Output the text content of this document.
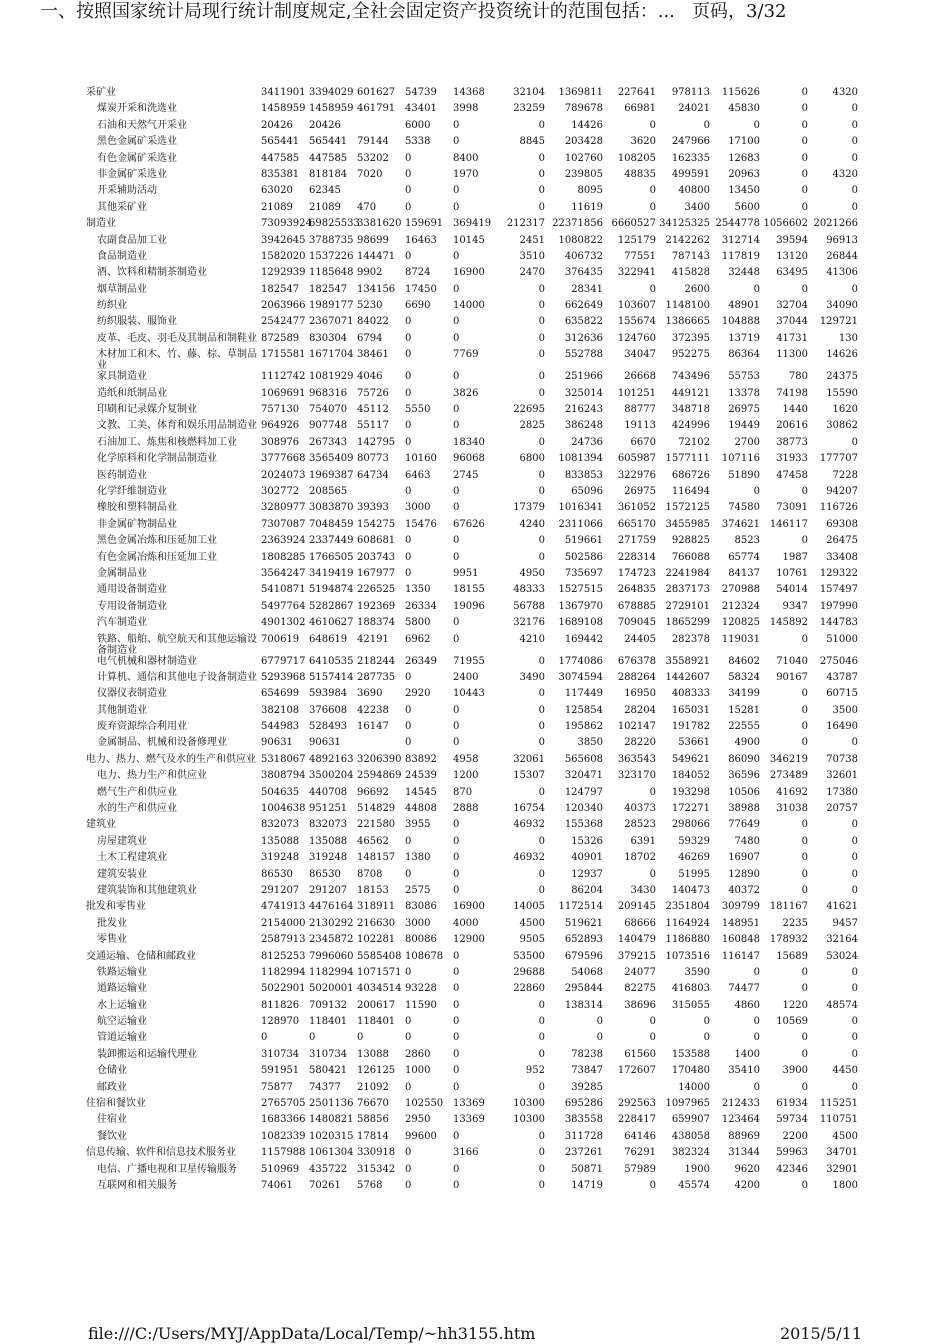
一、按照国家统计局现行统计制度规定,全社会固定资产投资统计的范围包括：... 页码，3/32
采矿业	3411901	3394029	601627	54739	14368	32104	1369811	227641	978113	115626	0	4320
煤炭开采和洗选业	1458959	1458959	461791	43401	3998	23259	789678	66981	24021	45830	0	0
石油和天然气开采业	20426	20426		6000	0	0	14426	0	0	0	0	0
黑色金属矿采选业	565441	565441	79144	5338	0	8845	203428	3620	247966	17100	0	0
有色金属矿采选业	447585	447585	53202	0	8400	0	102760	108205	162335	12683	0	0
非金属矿采选业	835381	818184	7020	0	1970	0	239805	48835	499591	20963	0	4320
开采辅助活动	63020	62345		0	0	0	8095	0	40800	13450	0	0
其他采矿业	21089	21089	470	0	0	0	11619	0	3400	5600	0	0
制造业	73093924	69825533	3381620	159691	369419	212317	22371856	6660527	34125325	2544778	1056602	2021266
农副食品加工业	3942645	3788735	98699	16463	10145	2451	1080822	125179	2142262	312714	39594	96913
食品制造业	1582020	1537226	144471	0	0	3510	406732	77551	787143	117819	13120	26844
酒、饮料和精制茶制造业	1292939	1185648	9902	8724	16900	2470	376435	322941	415828	32448	63495	41306
烟草制品业	182547	182547	134156	17450	0	0	28341	0	2600	0	0	0
纺织业	2063966	1989177	5230	6690	14000	0	662649	103607	1148100	48901	32704	34090
纺织服装、服饰业	2542477	2367071	84022	0	0	0	635822	155674	1386665	104888	37044	129721
皮革、毛皮、羽毛及其制品和制鞋业	872589	830304	6794	0	0	0	312636	124760	372395	13719	41731	130
木材加工和木、竹、藤、棕、草制品业	1715581	1671704	38461	0	7769	0	552788	34047	952275	86364	11300	14626
家具制造业	1112742	1081929	4046	0	0	0	251966	26668	743496	55753	780	24375
造纸和纸制品业	1069691	968316	75726	0	3826	0	325014	101251	449121	13378	74198	15590
印刷和记录媒介复制业	757130	754070	45112	5550	0	22695	216243	88777	348718	26975	1440	1620
文教、工美、体育和娱乐用品制造业	964926	907748	55117	0	0	2825	386248	19113	424996	19449	20616	30862
石油加工、炼焦和核燃料加工业	308976	267343	142795	0	18340	0	24736	6670	72102	2700	38773	0
化学原料和化学制品制造业	3777668	3565409	80773	10160	96068	6800	1081394	605987	1577111	107116	31933	177707
医药制造业	2024073	1969387	64734	6463	2745	0	833853	322976	686726	51890	47458	7228
化学纤维制造业	302772	208565		0	0	0	65096	26975	116494	0	0	94207
橡胶和塑料制品业	3280977	3083870	39393	3000	0	17379	1016341	361052	1572125	74580	73091	116726
非金属矿物制品业	7307087	7048459	154275	15476	67626	4240	2311066	665170	3455985	374621	146117	69308
黑色金属冶炼和压延加工业	2363924	2337449	608681	0	0	0	519661	271759	928825	8523	0	26475
有色金属冶炼和压延加工业	1808285	1766505	203743	0	0	0	502586	228314	766088	65774	1987	33408
金属制品业	3564247	3419419	167977	0	9951	4950	735697	174723	2241984	84137	10761	129322
通用设备制造业	5410871	5194874	226525	1350	18155	48333	1527515	264835	2837173	270988	54014	157497
专用设备制造业	5497764	5282867	192369	26334	19096	56788	1367970	678885	2729101	212324	9347	197990
汽车制造业	4901302	4610627	188374	5800	0	32176	1689108	709045	1865299	120825	145892	144783
铁路、船舶、航空航天和其他运输设备制造业	700619	648619	42191	6962	0	4210	169442	24405	282378	119031	0	51000
电气机械和器材制造业	6779717	6410535	218244	26349	71955	0	1774086	676378	3558921	84602	71040	275046
计算机、通信和其他电子设备制造业	5293968	5157414	287735	0	2400	3490	3074594	288264	1442607	58324	90167	43787
仪器仪表制造业	654699	593984	3690	2920	10443	0	117449	16950	408333	34199	0	60715
其他制造业	382108	376608	42238	0	0	0	125854	28204	165031	15281	0	3500
废弃资源综合利用业	544983	528493	16147	0	0	0	195862	102147	191782	22555	0	16490
金属制品、机械和设备修理业	90631	90631		0	0	0	3850	28220	53661	4900	0	0
电力、热力、燃气及水的生产和供应业	5318067	4892163	3206390	83892	4958	32061	565608	363543	549621	86090	346219	70738
电力、热力生产和供应业	3808794	3500204	2594869	24539	1200	15307	320471	323170	184052	36596	273489	32601
燃气生产和供应业	504635	440708	96692	14545	870	0	124797	0	193298	10506	41692	17380
水的生产和供应业	1004638	951251	514829	44808	2888	16754	120340	40373	172271	38988	31038	20757
建筑业	832073	832073	221580	3955	0	46932	155368	28523	298066	77649	0	0
房屋建筑业	135088	135088	46562	0	0	0	15326	6391	59329	7480	0	0
土木工程建筑业	319248	319248	148157	1380	0	46932	40901	18702	46269	16907	0	0
建筑安装业	86530	86530	8708	0	0	0	12937	0	51995	12890	0	0
建筑装饰和其他建筑业	291207	291207	18153	2575	0	0	86204	3430	140473	40372	0	0
批发和零售业	4741913	4476164	318911	83086	16900	14005	1172514	209145	2351804	309799	181167	41621
批发业	2154000	2130292	216630	3000	4000	4500	519621	68666	1164924	148951	2235	9457
零售业	2587913	2345872	102281	80086	12900	9505	652893	140479	1186880	160848	178932	32164
交通运输、仓储和邮政业	8125253	7996060	5585408	108678	0	53500	679596	379215	1073516	116147	15689	53024
铁路运输业	1182994	1182994	1071571	0	0	29688	54068	24077	3590	0	0	0
道路运输业	5022901	5020001	4034514	93228	0	22860	295844	82275	416803	74477	0	0
水上运输业	811826	709132	200617	11590	0	0	138314	38696	315055	4860	1220	48574
航空运输业	128970	118401	118401	0	0	0	0	0	0	0	10569	0
管道运输业	0	0	0	0	0	0	0	0	0	0	0	0
装卸搬运和运输代理业	310734	310734	13088	2860	0	0	78238	61560	153588	1400	0	0
仓储业	591951	580421	126125	1000	0	952	73847	172607	170480	35410	3900	4450
邮政业	75877	74377	21092	0	0	0	39285		14000	0	0	0
住宿和餐饮业	2765705	2501136	76670	102550	13369	10300	695286	292563	1097965	212433	61934	115251
住宿业	1683366	1480821	58856	2950	13369	10300	383558	228417	659907	123464	59734	110751
餐饮业	1082339	1020315	17814	99600	0	0	311728	64146	438058	88969	2200	4500
信息传输、软件和信息技术服务业	1157988	1061304	330918	0	3166	0	237261	76291	382324	31344	59963	34701
电信、广播电视和卫星传输服务	510969	435722	315342	0	0	0	50871	57989	1900	9620	42346	32901
互联网和相关服务	74061	70261	5768	0	0	0	14719	0	45574	4200	0	1800
file:///C:/Users/MYJ/AppData/Local/Temp/~hh3155.htm	2015/5/11
